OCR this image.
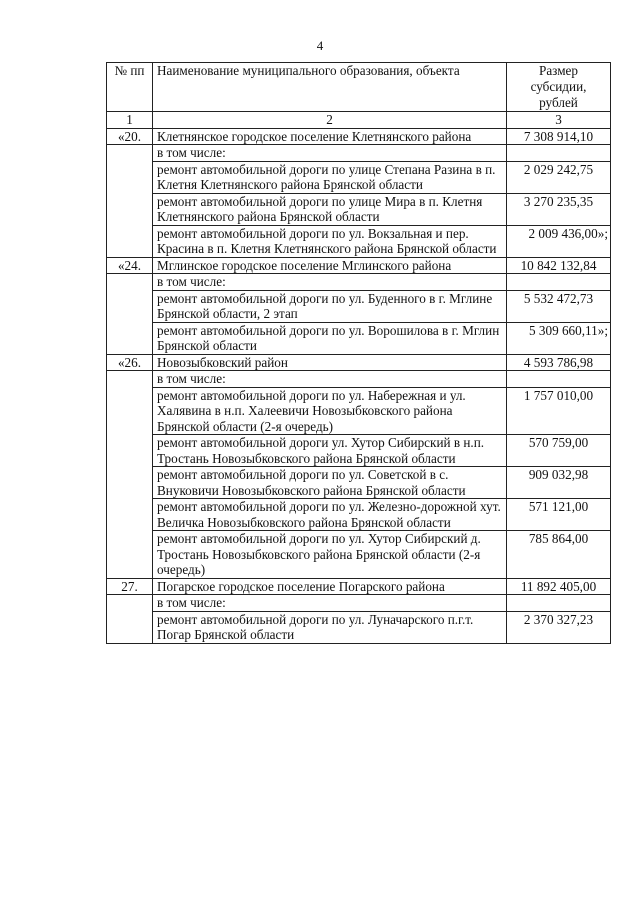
4
№ пп	Наименование муниципального образования, объекта	Размер субсидии, рублей
1	2	3
«20.	Клетнянское городское поселение Клетнянского района	7 308 914,10
	в том числе:	
	ремонт автомобильной дороги по улице Степана Разина в п. Клетня Клетнянского района Брянской области	2 029 242,75
	ремонт автомобильной дороги по улице Мира в п. Клетня Клетнянского района Брянской области	3 270 235,35
	ремонт автомобильной дороги по ул. Вокзальная и пер. Красина в п. Клетня Клетнянского района Брянской области	2 009 436,00»;
«24.	Мглинское городское поселение Мглинского района	10 842 132,84
	в том числе:	
	ремонт автомобильной дороги по ул. Буденного в г. Мглине Брянской области, 2 этап	5 532 472,73
	ремонт автомобильной дороги по ул. Ворошилова в г. Мглин Брянской области	5 309 660,11»;
«26.	Новозыбковский район	4 593 786,98
	в том числе:	
	ремонт автомобильной дороги по ул. Набережная и ул. Халявина в н.п. Халеевичи Новозыбковского района Брянской области (2-я очередь)	1 757 010,00
	ремонт автомобильной дороги ул. Хутор Сибирский в н.п. Тростань Новозыбковского района Брянской области	570 759,00
	ремонт автомобильной дороги по ул. Советской в с. Внуковичи Новозыбковского района Брянской области	909 032,98
	ремонт автомобильной дороги по ул. Железно-дорожной хут. Величка Новозыбковского района Брянской области	571 121,00
	ремонт автомобильной дороги по ул. Хутор Сибирский д. Тростань Новозыбковского района Брянской области (2-я очередь)	785 864,00
27.	Погарское городское поселение Погарского района	11 892 405,00
	в том числе:	
	ремонт автомобильной дороги по ул. Луначарского п.г.т. Погар Брянской области	2 370 327,23
